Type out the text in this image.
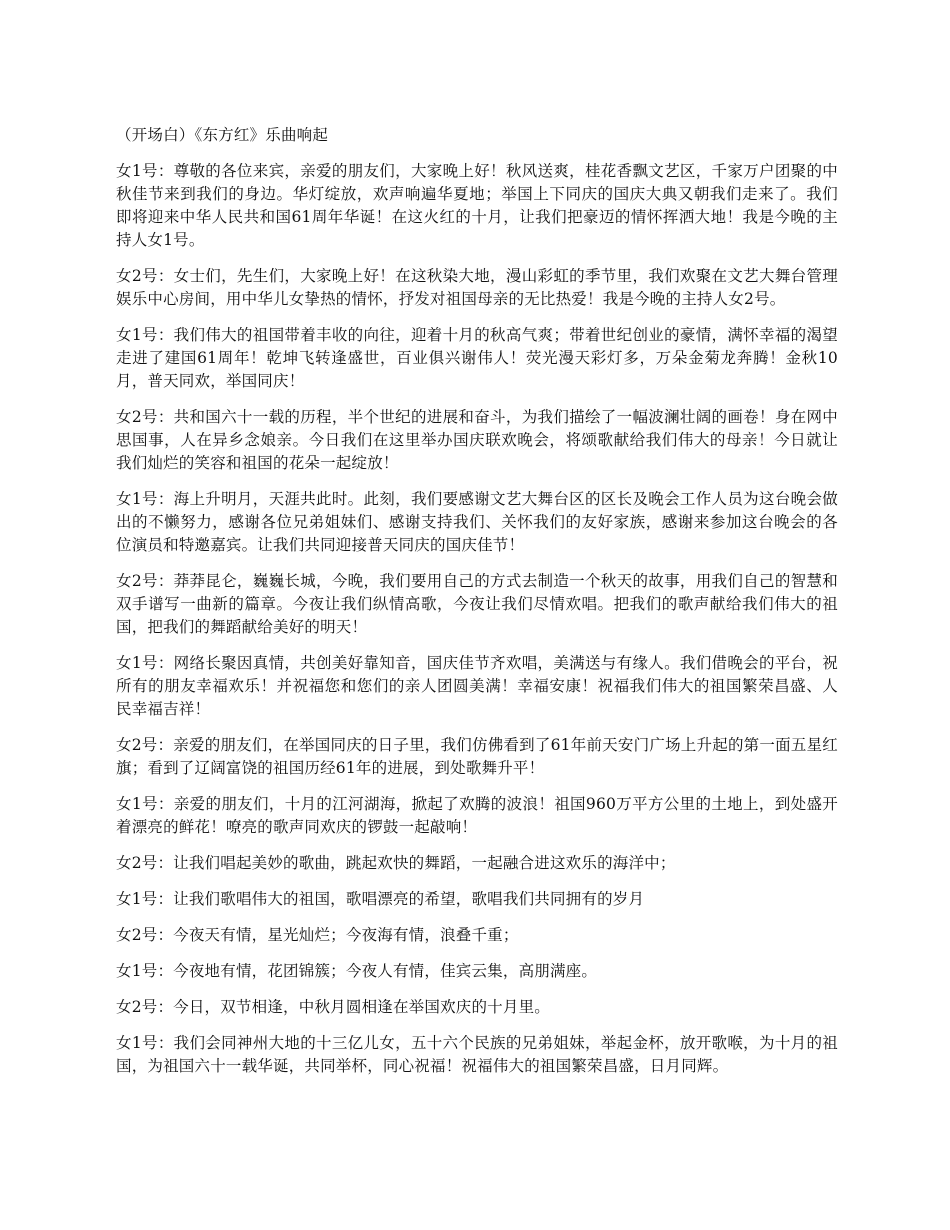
（开场白）《东方红》乐曲响起

女1号：尊敬的各位来宾，亲爱的朋友们，大家晚上好！秋风送爽，桂花香飘文艺区，千家万户团聚的中秋佳节来到我们的身边。华灯绽放，欢声响遍华夏地；举国上下同庆的国庆大典又朝我们走来了。我们即将迎来中华人民共和国61周年华诞！在这火红的十月，让我们把豪迈的情怀挥洒大地！我是今晚的主持人女1号。

女2号：女士们，先生们，大家晚上好！在这秋染大地，漫山彩虹的季节里，我们欢聚在文艺大舞台管理娱乐中心房间，用中华儿女挚热的情怀，抒发对祖国母亲的无比热爱！我是今晚的主持人女2号。

女1号：我们伟大的祖国带着丰收的向往，迎着十月的秋高气爽；带着世纪创业的豪情，满怀幸福的渴望走进了建国61周年！乾坤飞转逢盛世，百业俱兴谢伟人！荧光漫天彩灯多，万朵金菊龙奔腾！金秋10月，普天同欢，举国同庆！

女2号：共和国六十一载的历程，半个世纪的进展和奋斗，为我们描绘了一幅波澜壮阔的画卷！身在网中思国事，人在异乡念娘亲。今日我们在这里举办国庆联欢晚会，将颂歌献给我们伟大的母亲！今日就让我们灿烂的笑容和祖国的花朵一起绽放！

女1号：海上升明月，天涯共此时。此刻，我们要感谢文艺大舞台区的区长及晚会工作人员为这台晚会做出的不懒努力，感谢各位兄弟姐妹们、感谢支持我们、关怀我们的友好家族，感谢来参加这台晚会的各位演员和特邀嘉宾。让我们共同迎接普天同庆的国庆佳节！

女2号：莽莽昆仑，巍巍长城，今晚，我们要用自己的方式去制造一个秋天的故事，用我们自己的智慧和双手谱写一曲新的篇章。今夜让我们纵情高歌，今夜让我们尽情欢唱。把我们的歌声献给我们伟大的祖国，把我们的舞蹈献给美好的明天！

女1号：网络长聚因真情，共创美好靠知音，国庆佳节齐欢唱，美满送与有缘人。我们借晚会的平台，祝所有的朋友幸福欢乐！并祝福您和您们的亲人团圆美满！幸福安康！祝福我们伟大的祖国繁荣昌盛、人民幸福吉祥！

女2号：亲爱的朋友们，在举国同庆的日子里，我们仿佛看到了61年前天安门广场上升起的第一面五星红旗；看到了辽阔富饶的祖国历经61年的进展，到处歌舞升平！

女1号：亲爱的朋友们，十月的江河湖海，掀起了欢腾的波浪！祖国960万平方公里的土地上，到处盛开着漂亮的鲜花！嘹亮的歌声同欢庆的锣鼓一起敲响！

女2号：让我们唱起美妙的歌曲，跳起欢快的舞蹈，一起融合进这欢乐的海洋中；

女1号：让我们歌唱伟大的祖国，歌唱漂亮的希望，歌唱我们共同拥有的岁月

女2号：今夜天有情，星光灿烂；今夜海有情，浪叠千重；

女1号：今夜地有情，花团锦簇；今夜人有情，佳宾云集，高朋满座。

女2号：今日，双节相逢，中秋月圆相逢在举国欢庆的十月里。

女1号：我们会同神州大地的十三亿儿女，五十六个民族的兄弟姐妹，举起金杯，放开歌喉，为十月的祖国，为祖国六十一载华诞，共同举杯，同心祝福！祝福伟大的祖国繁荣昌盛，日月同辉。
